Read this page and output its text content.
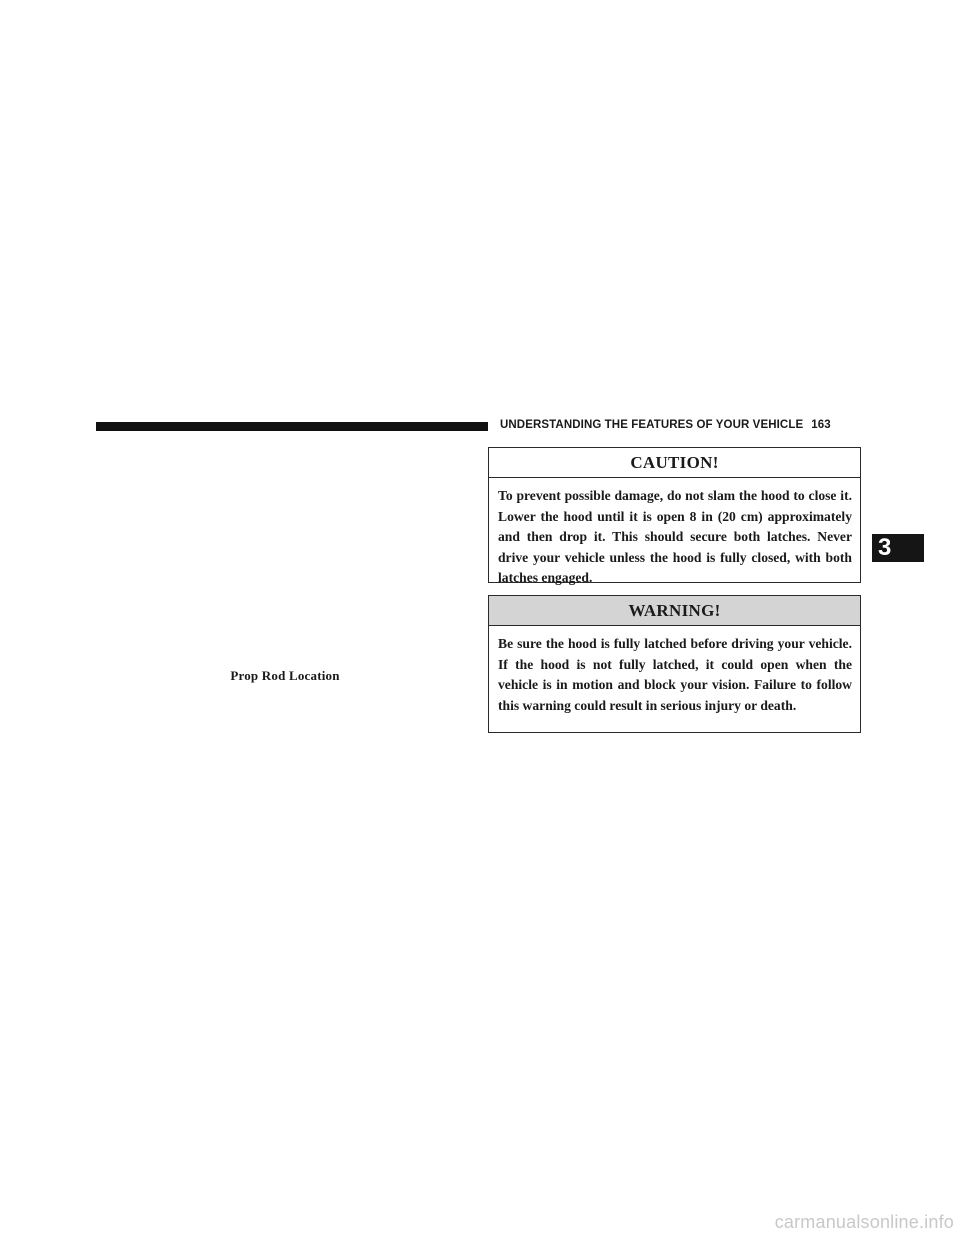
UNDERSTANDING THE FEATURES OF YOUR VEHICLE 163
Prop Rod Location
CAUTION!
To prevent possible damage, do not slam the hood to close it. Lower the hood until it is open 8 in (20 cm) approximately and then drop it. This should secure both latches. Never drive your vehicle unless the hood is fully closed, with both latches engaged.
WARNING!
Be sure the hood is fully latched before driving your vehicle. If the hood is not fully latched, it could open when the vehicle is in motion and block your vision. Failure to follow this warning could result in serious injury or death.
3
carmanualsonline.info
